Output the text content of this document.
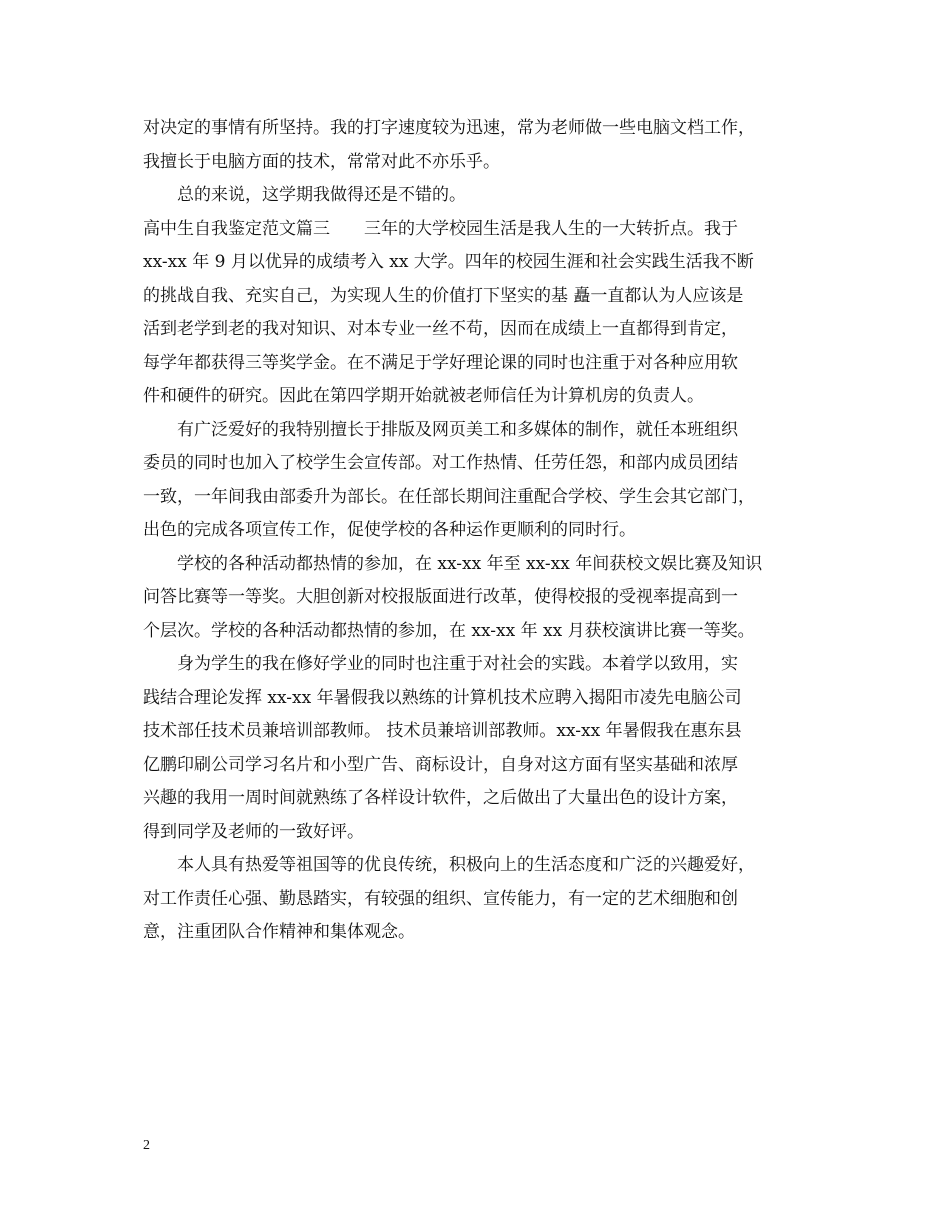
对决定的事情有所坚持。我的打字速度较为迅速，常为老师做一些电脑文档工作，
我擅长于电脑方面的技术，常常对此不亦乐乎。
总的来说，这学期我做得还是不错的。
高中生自我鉴定范文篇三　　三年的大学校园生活是我人生的一大转折点。我于
xx-xx 年 9 月以优异的成绩考入 xx 大学。四年的校园生涯和社会实践生活我不断
的挑战自我、充实自己，为实现人生的价值打下坚实的基 矗一直都认为人应该是
活到老学到老的我对知识、对本专业一丝不苟，因而在成绩上一直都得到肯定，
每学年都获得三等奖学金。在不满足于学好理论课的同时也注重于对各种应用软
件和硬件的研究。因此在第四学期开始就被老师信任为计算机房的负责人。
有广泛爱好的我特别擅长于排版及网页美工和多媒体的制作，就任本班组织
委员的同时也加入了校学生会宣传部。对工作热情、任劳任怨，和部内成员团结
一致，一年间我由部委升为部长。在任部长期间注重配合学校、学生会其它部门，
出色的完成各项宣传工作，促使学校的各种运作更顺利的同时行。
学校的各种活动都热情的参加，在 xx-xx 年至 xx-xx 年间获校文娱比赛及知识
问答比赛等一等奖。大胆创新对校报版面进行改革，使得校报的受视率提高到一
个层次。学校的各种活动都热情的参加，在 xx-xx 年 xx 月获校演讲比赛一等奖。
身为学生的我在修好学业的同时也注重于对社会的实践。本着学以致用，实
践结合理论发挥 xx-xx 年暑假我以熟练的计算机技术应聘入揭阳市凌先电脑公司
技术部任技术员兼培训部教师。 技术员兼培训部教师。xx-xx 年暑假我在惠东县
亿鹏印刷公司学习名片和小型广告、商标设计，自身对这方面有坚实基础和浓厚
兴趣的我用一周时间就熟练了各样设计软件，之后做出了大量出色的设计方案，
得到同学及老师的一致好评。
本人具有热爱等祖国等的优良传统，积极向上的生活态度和广泛的兴趣爱好，
对工作责任心强、勤恳踏实，有较强的组织、宣传能力，有一定的艺术细胞和创
意，注重团队合作精神和集体观念。
2
